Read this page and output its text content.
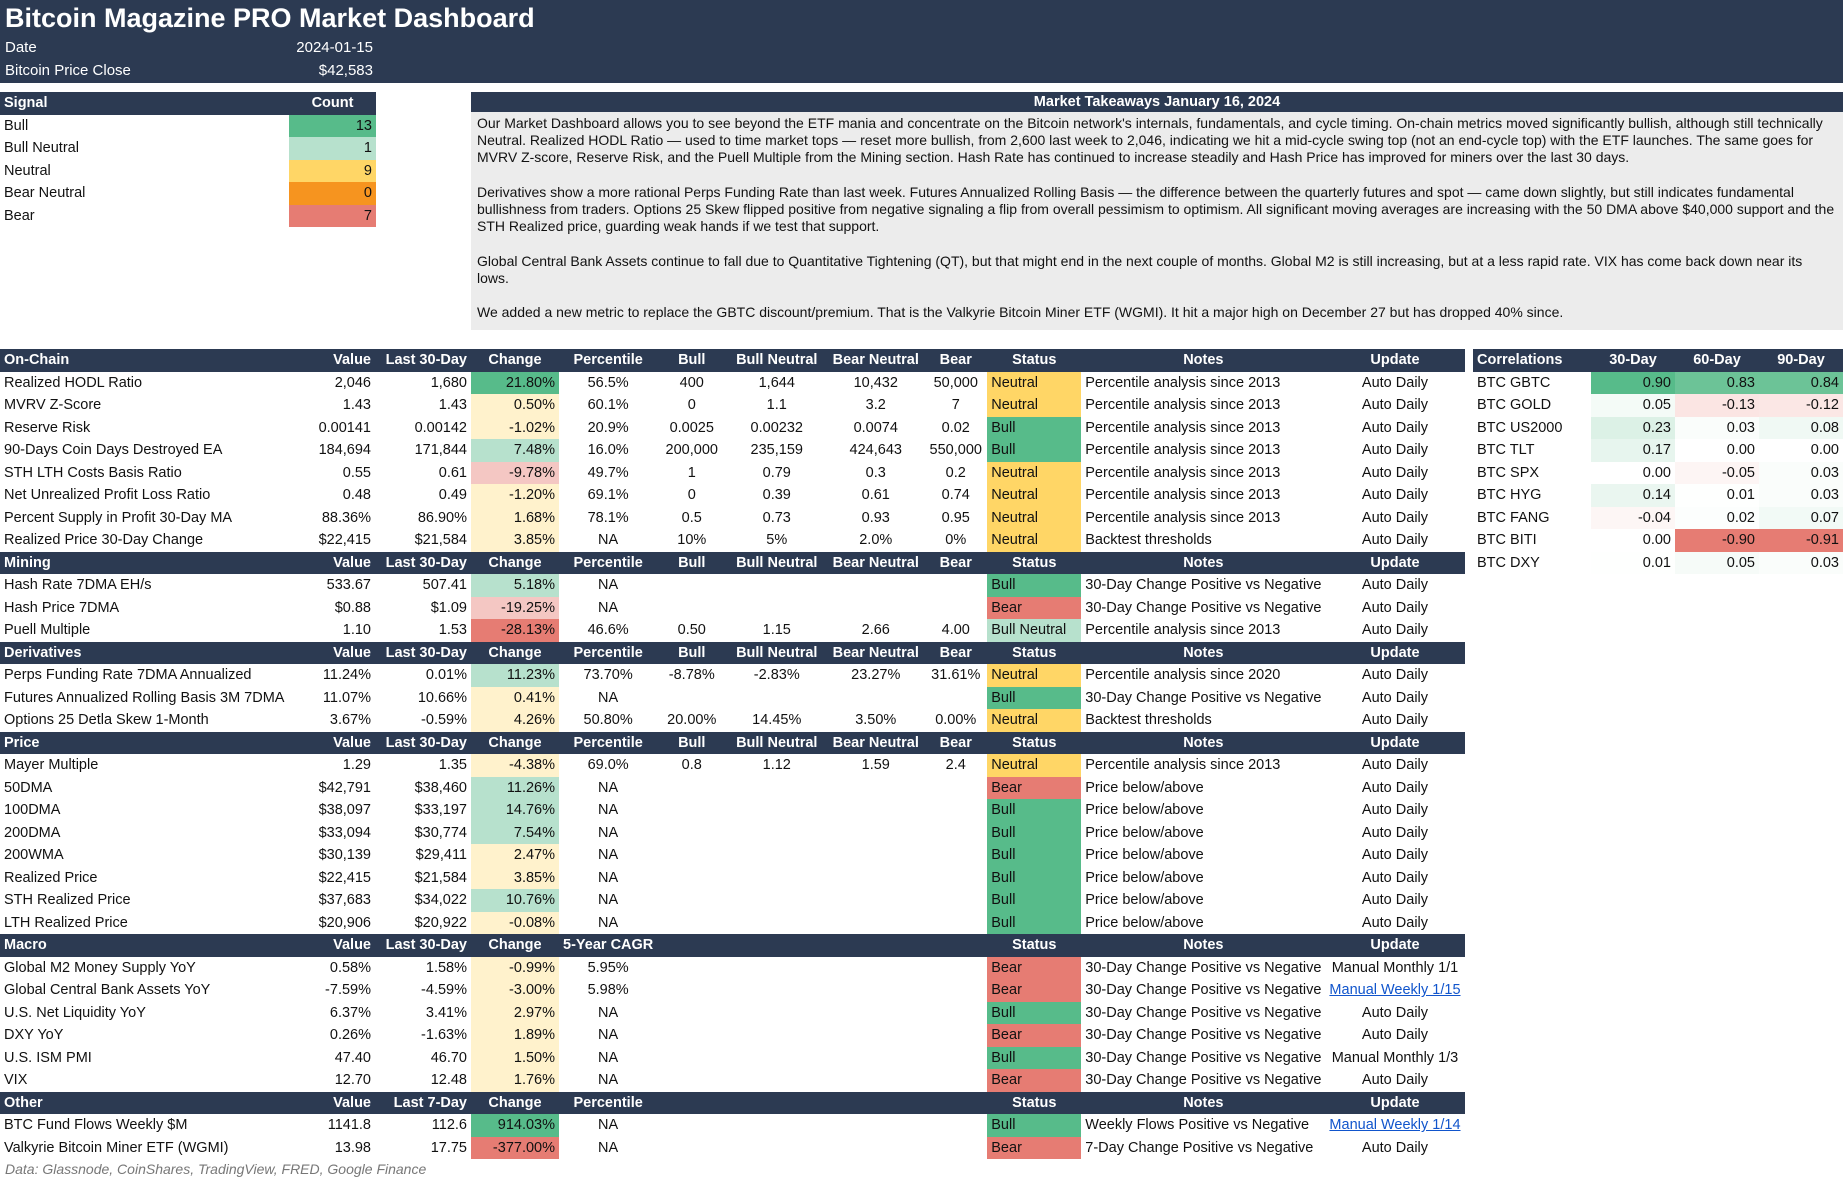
Bitcoin Magazine PRO Market Dashboard
Date	2024-01-15
Bitcoin Price Close	$42,583
Signal	Count
Bull	13
Bull Neutral	1
Neutral	9
Bear Neutral	0
Bear	7
Market Takeaways January 16, 2024

Our Market Dashboard allows you to see beyond the ETF mania and concentrate on the Bitcoin network's internals, fundamentals, and cycle timing. On-chain metrics moved significantly bullish, although still technically Neutral. Realized HODL Ratio — used to time market tops — reset more bullish, from 2,600 last week to 2,046, indicating we hit a mid-cycle swing top (not an end-cycle top) with the ETF launches. The same goes for MVRV Z-score, Reserve Risk, and the Puell Multiple from the Mining section. Hash Rate has continued to increase steadily and Hash Price has improved for miners over the last 30 days.

Derivatives show a more rational Perps Funding Rate than last week. Futures Annualized Rolling Basis — the difference between the quarterly futures and spot — came down slightly, but still indicates fundamental bullishness from traders. Options 25 Skew flipped positive from negative signaling a flip from overall pessimism to optimism. All significant moving averages are increasing with the 50 DMA above $40,000 support and the STH Realized price, guarding weak hands if we test that support.

Global Central Bank Assets continue to fall due to Quantitative Tightening (QT), but that might end in the next couple of months. Global M2 is still increasing, but at a less rapid rate. VIX has come back down near its lows.

We added a new metric to replace the GBTC discount/premium. That is the Valkyrie Bitcoin Miner ETF (WGMI). It hit a major high on December 27 but has dropped 40% since.

On-Chain	Value	Last 30-Day	Change	Percentile	Bull	Bull Neutral	Bear Neutral	Bear	Status	Notes	Update
Realized HODL Ratio	2,046	1,680	21.80%	56.5%	400	1,644	10,432	50,000	Neutral	Percentile analysis since 2013	Auto Daily
MVRV Z-Score	1.43	1.43	0.50%	60.1%	0	1.1	3.2	7	Neutral	Percentile analysis since 2013	Auto Daily
Reserve Risk	0.00141	0.00142	-1.02%	20.9%	0.0025	0.00232	0.0074	0.02	Bull	Percentile analysis since 2013	Auto Daily
90-Days Coin Days Destroyed EA	184,694	171,844	7.48%	16.0%	200,000	235,159	424,643	550,000	Bull	Percentile analysis since 2013	Auto Daily
STH LTH Costs Basis Ratio	0.55	0.61	-9.78%	49.7%	1	0.79	0.3	0.2	Neutral	Percentile analysis since 2013	Auto Daily
Net Unrealized Profit Loss Ratio	0.48	0.49	-1.20%	69.1%	0	0.39	0.61	0.74	Neutral	Percentile analysis since 2013	Auto Daily
Percent Supply in Profit 30-Day MA	88.36%	86.90%	1.68%	78.1%	0.5	0.73	0.93	0.95	Neutral	Percentile analysis since 2013	Auto Daily
Realized Price 30-Day Change	$22,415	$21,584	3.85%	NA	10%	5%	2.0%	0%	Neutral	Backtest thresholds	Auto Daily
Mining	Value	Last 30-Day	Change	Percentile	Bull	Bull Neutral	Bear Neutral	Bear	Status	Notes	Update
Hash Rate 7DMA EH/s	533.67	507.41	5.18%	NA					Bull	30-Day Change Positive vs Negative	Auto Daily
Hash Price 7DMA	$0.88	$1.09	-19.25%	NA					Bear	30-Day Change Positive vs Negative	Auto Daily
Puell Multiple	1.10	1.53	-28.13%	46.6%	0.50	1.15	2.66	4.00	Bull Neutral	Percentile analysis since 2013	Auto Daily
Derivatives	Value	Last 30-Day	Change	Percentile	Bull	Bull Neutral	Bear Neutral	Bear	Status	Notes	Update
Perps Funding Rate 7DMA Annualized	11.24%	0.01%	11.23%	73.70%	-8.78%	-2.83%	23.27%	31.61%	Neutral	Percentile analysis since 2020	Auto Daily
Futures Annualized Rolling Basis 3M 7DMA	11.07%	10.66%	0.41%	NA					Bull	30-Day Change Positive vs Negative	Auto Daily
Options 25 Detla Skew 1-Month	3.67%	-0.59%	4.26%	50.80%	20.00%	14.45%	3.50%	0.00%	Neutral	Backtest thresholds	Auto Daily
Price	Value	Last 30-Day	Change	Percentile	Bull	Bull Neutral	Bear Neutral	Bear	Status	Notes	Update
Mayer Multiple	1.29	1.35	-4.38%	69.0%	0.8	1.12	1.59	2.4	Neutral	Percentile analysis since 2013	Auto Daily
50DMA	$42,791	$38,460	11.26%	NA					Bear	Price below/above	Auto Daily
100DMA	$38,097	$33,197	14.76%	NA					Bull	Price below/above	Auto Daily
200DMA	$33,094	$30,774	7.54%	NA					Bull	Price below/above	Auto Daily
200WMA	$30,139	$29,411	2.47%	NA					Bull	Price below/above	Auto Daily
Realized Price	$22,415	$21,584	3.85%	NA					Bull	Price below/above	Auto Daily
STH Realized Price	$37,683	$34,022	10.76%	NA					Bull	Price below/above	Auto Daily
LTH Realized Price	$20,906	$20,922	-0.08%	NA					Bull	Price below/above	Auto Daily
Macro	Value	Last 30-Day	Change	5-Year CAGR					Status	Notes	Update
Global M2 Money Supply YoY	0.58%	1.58%	-0.99%	5.95%					Bear	30-Day Change Positive vs Negative	Manual Monthly 1/1
Global Central Bank Assets YoY	-7.59%	-4.59%	-3.00%	5.98%					Bear	30-Day Change Positive vs Negative	Manual Weekly 1/15
U.S. Net Liquidity YoY	6.37%	3.41%	2.97%	NA					Bull	30-Day Change Positive vs Negative	Auto Daily
DXY YoY	0.26%	-1.63%	1.89%	NA					Bear	30-Day Change Positive vs Negative	Auto Daily
U.S. ISM PMI	47.40	46.70	1.50%	NA					Bull	30-Day Change Positive vs Negative	Manual Monthly 1/3
VIX	12.70	12.48	1.76%	NA					Bear	30-Day Change Positive vs Negative	Auto Daily
Other	Value	Last 7-Day	Change	Percentile					Status	Notes	Update
BTC Fund Flows Weekly $M	1141.8	112.6	914.03%	NA					Bull	Weekly Flows Positive vs Negative	Manual Weekly 1/14
Valkyrie Bitcoin Miner ETF (WGMI)	13.98	17.75	-377.00%	NA					Bear	7-Day Change Positive vs Negative	Auto Daily
Correlations	30-Day	60-Day	90-Day
BTC GBTC	0.90	0.83	0.84
BTC GOLD	0.05	-0.13	-0.12
BTC US2000	0.23	0.03	0.08
BTC TLT	0.17	0.00	0.00
BTC SPX	0.00	-0.05	0.03
BTC HYG	0.14	0.01	0.03
BTC FANG	-0.04	0.02	0.07
BTC BITI	0.00	-0.90	-0.91
BTC DXY	0.01	0.05	0.03
Data: Glassnode, CoinShares, TradingView, FRED, Google Finance
